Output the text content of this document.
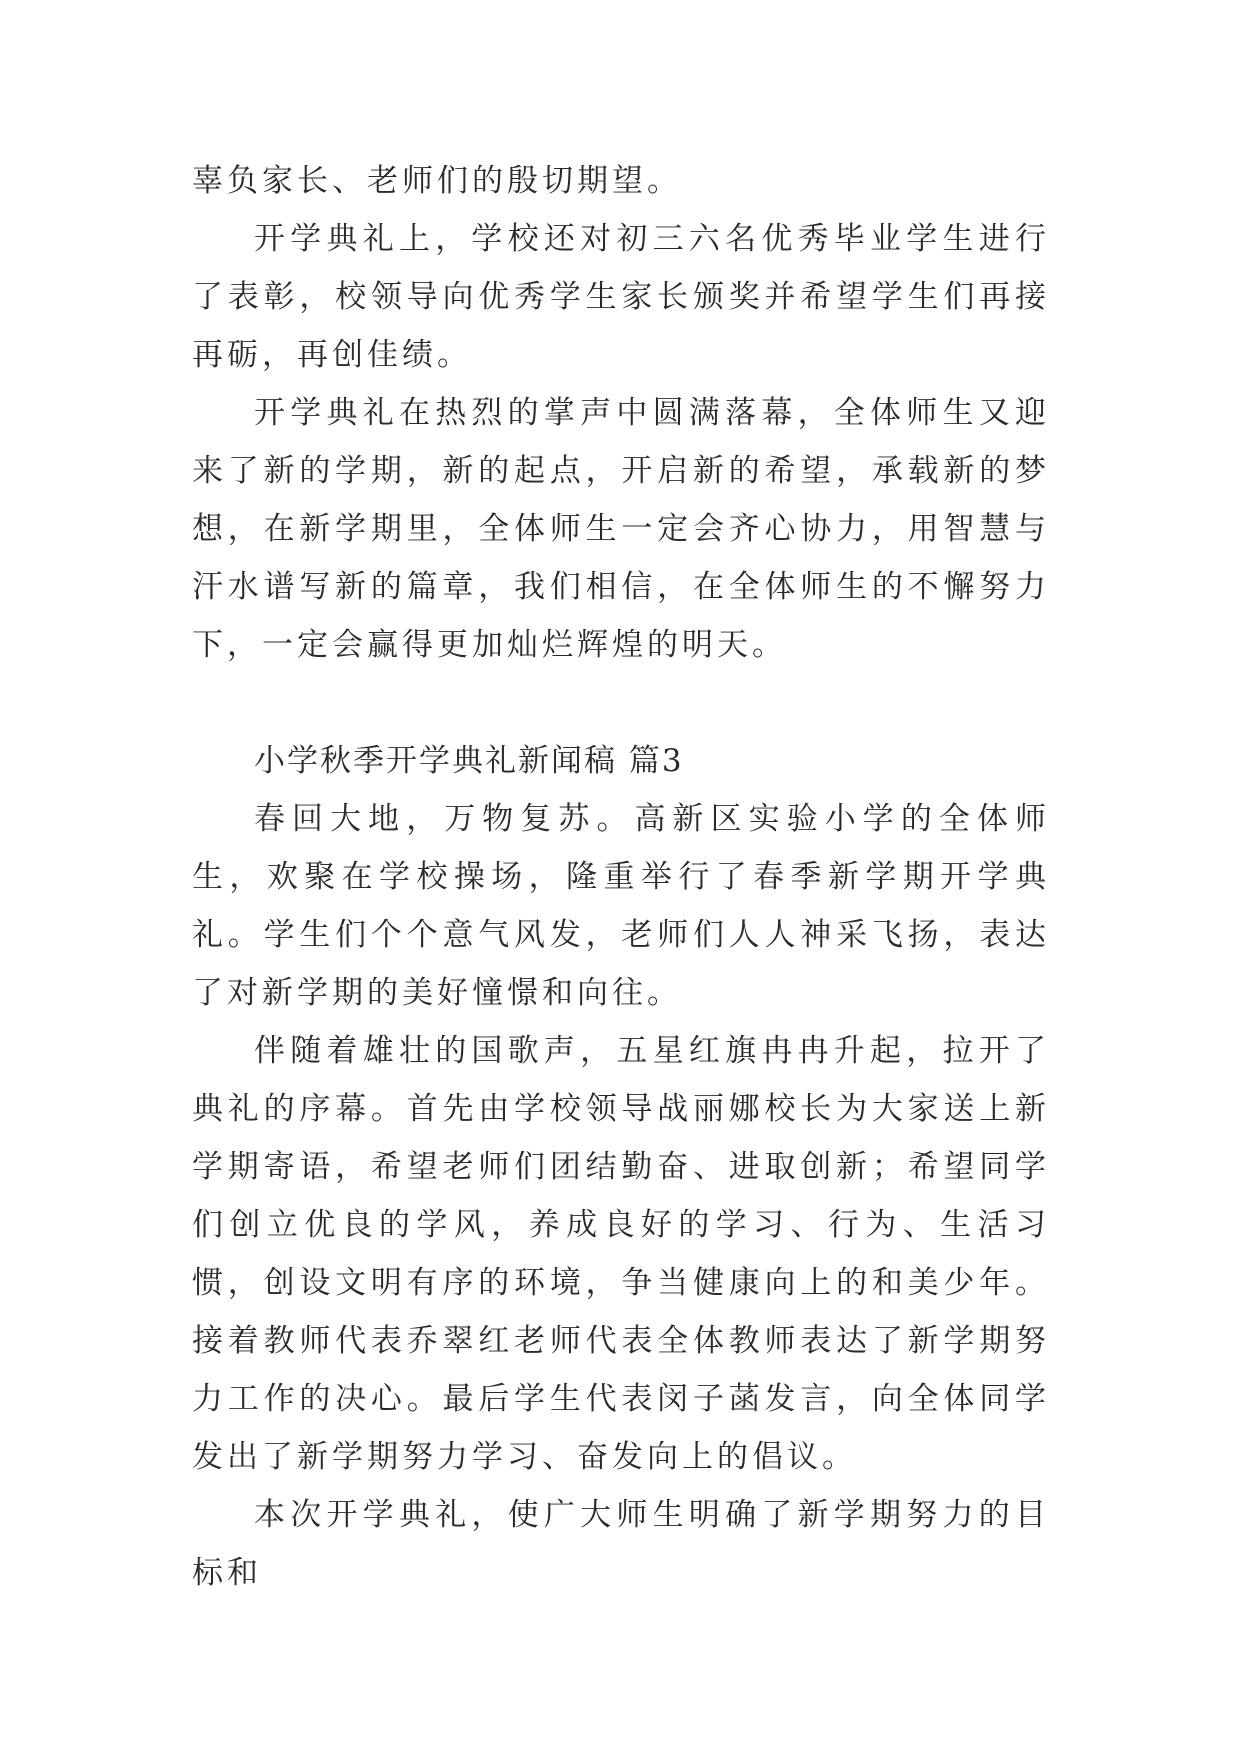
辜负家长、老师们的殷切期望。

开学典礼上，学校还对初三六名优秀毕业学生进行了表彰，校领导向优秀学生家长颁奖并希望学生们再接再砺，再创佳绩。

开学典礼在热烈的掌声中圆满落幕，全体师生又迎来了新的学期，新的起点，开启新的希望，承载新的梦想，在新学期里，全体师生一定会齐心协力，用智慧与汗水谱写新的篇章，我们相信，在全体师生的不懈努力下，一定会赢得更加灿烂辉煌的明天。

小学秋季开学典礼新闻稿 篇3

春回大地，万物复苏。高新区实验小学的全体师生，欢聚在学校操场，隆重举行了春季新学期开学典礼。学生们个个意气风发，老师们人人神采飞扬，表达了对新学期的美好憧憬和向往。

伴随着雄壮的国歌声，五星红旗冉冉升起，拉开了典礼的序幕。首先由学校领导战丽娜校长为大家送上新学期寄语，希望老师们团结勤奋、进取创新；希望同学们创立优良的学风，养成良好的学习、行为、生活习惯，创设文明有序的环境，争当健康向上的和美少年。接着教师代表乔翠红老师代表全体教师表达了新学期努力工作的决心。最后学生代表闵子菡发言，向全体同学发出了新学期努力学习、奋发向上的倡议。

本次开学典礼，使广大师生明确了新学期努力的目标和
